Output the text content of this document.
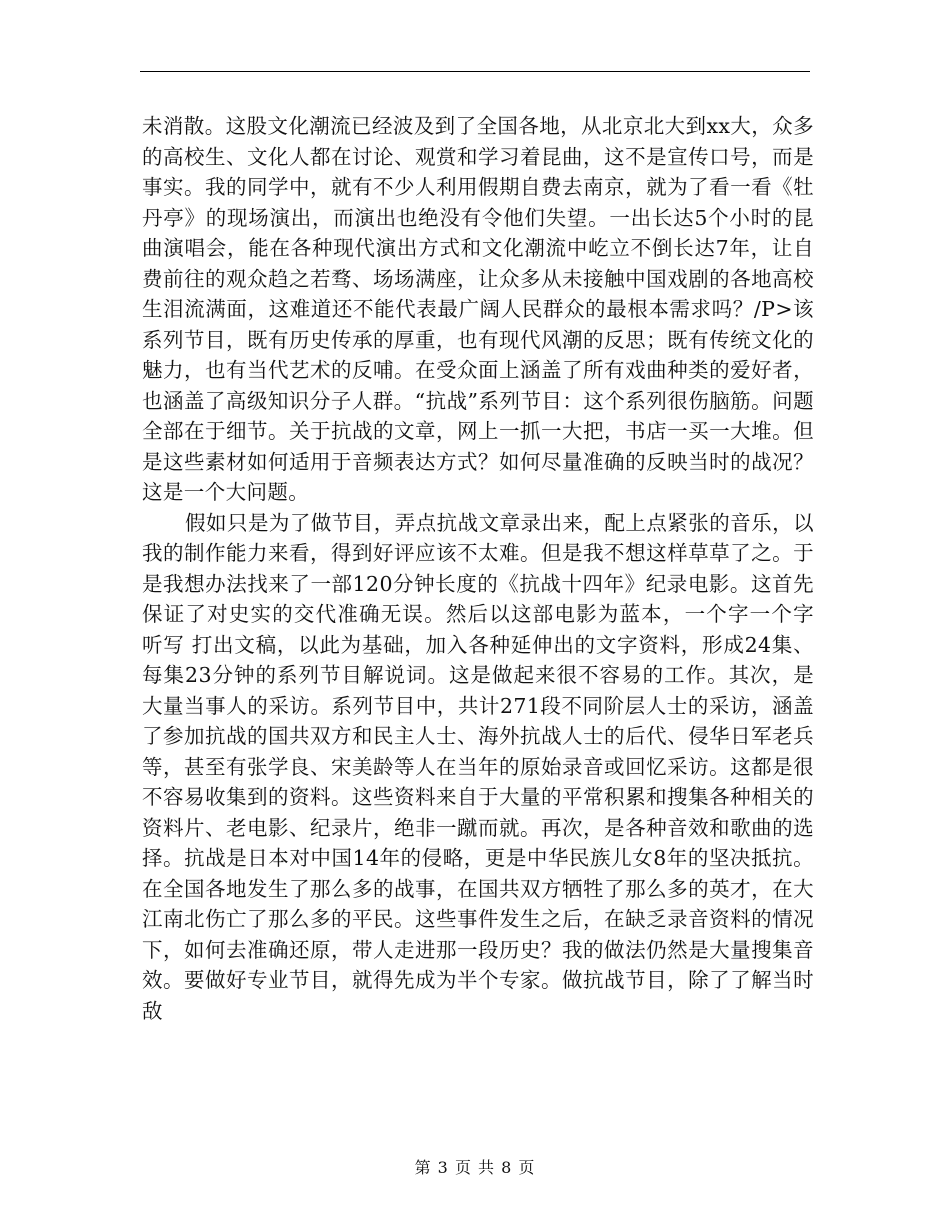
未消散。这股文化潮流已经波及到了全国各地，从北京北大到xx大，众多的高校生、文化人都在讨论、观赏和学习着昆曲，这不是宣传口号，而是事实。我的同学中，就有不少人利用假期自费去南京，就为了看一看《牡丹亭》的现场演出，而演出也绝没有令他们失望。一出长达5个小时的昆曲演唱会，能在各种现代演出方式和文化潮流中屹立不倒长达7年，让自费前往的观众趋之若骛、场场满座，让众多从未接触中国戏剧的各地高校生泪流满面，这难道还不能代表最广阔人民群众的最根本需求吗？/P>该系列节目，既有历史传承的厚重，也有现代风潮的反思；既有传统文化的魅力，也有当代艺术的反哺。在受众面上涵盖了所有戏曲种类的爱好者，也涵盖了高级知识分子人群。“抗战”系列节目：这个系列很伤脑筋。问题全部在于细节。关于抗战的文章，网上一抓一大把，书店一买一大堆。但是这些素材如何适用于音频表达方式？如何尽量准确的反映当时的战况？这是一个大问题。

假如只是为了做节目，弄点抗战文章录出来，配上点紧张的音乐，以我的制作能力来看，得到好评应该不太难。但是我不想这样草草了之。于是我想办法找来了一部120分钟长度的《抗战十四年》纪录电影。这首先保证了对史实的交代准确无误。然后以这部电影为蓝本，一个字一个字 听写 打出文稿，以此为基础，加入各种延伸出的文字资料，形成24集、每集23分钟的系列节目解说词。这是做起来很不容易的工作。其次，是大量当事人的采访。系列节目中，共计271段不同阶层人士的采访，涵盖了参加抗战的国共双方和民主人士、海外抗战人士的后代、侵华日军老兵等，甚至有张学良、宋美龄等人在当年的原始录音或回忆采访。这都是很不容易收集到的资料。这些资料来自于大量的平常积累和搜集各种相关的资料片、老电影、纪录片，绝非一蹴而就。再次，是各种音效和歌曲的选择。抗战是日本对中国14年的侵略，更是中华民族儿女8年的坚决抵抗。在全国各地发生了那么多的战事，在国共双方牺牲了那么多的英才，在大江南北伤亡了那么多的平民。这些事件发生之后，在缺乏录音资料的情况下，如何去准确还原，带人走进那一段历史？我的做法仍然是大量搜集音效。要做好专业节目，就得先成为半个专家。做抗战节目，除了了解当时敌

第 3 页 共 8 页
